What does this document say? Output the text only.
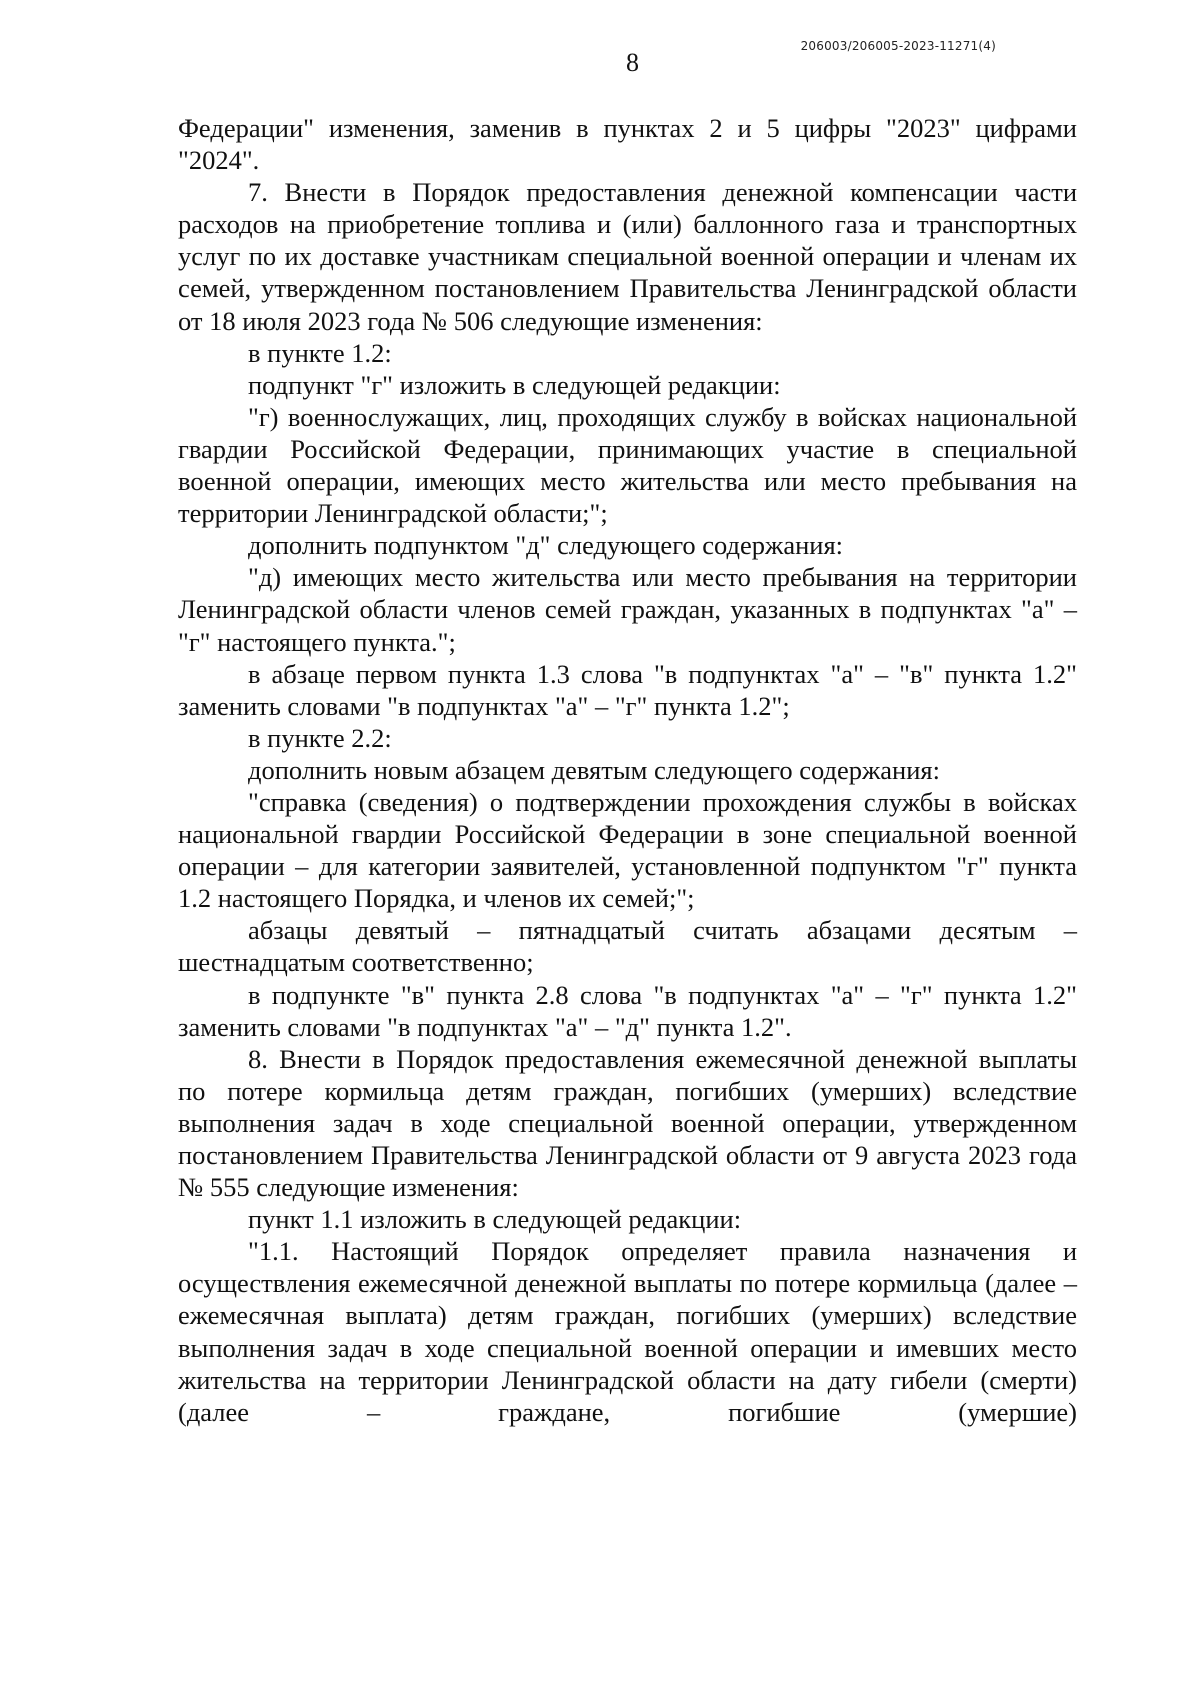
206003/206005-2023-11271(4)
8

Федерации" изменения, заменив в пунктах 2 и 5 цифры "2023" цифрами "2024".

7. Внести в Порядок предоставления денежной компенсации части расходов на приобретение топлива и (или) баллонного газа и транспортных услуг по их доставке участникам специальной военной операции и членам их семей, утвержденном постановлением Правительства Ленинградской области от 18 июля 2023 года № 506 следующие изменения:

в пункте 1.2:

подпункт "г" изложить в следующей редакции:

"г) военнослужащих, лиц, проходящих службу в войсках национальной гвардии Российской Федерации, принимающих участие в специальной военной операции, имеющих место жительства или место пребывания на территории Ленинградской области;";

дополнить подпунктом "д" следующего содержания:

"д) имеющих место жительства или место пребывания на территории Ленинградской области членов семей граждан, указанных в подпунктах "а" – "г" настоящего пункта.";

в абзаце первом пункта 1.3 слова "в подпунктах "а" – "в" пункта 1.2" заменить словами "в подпунктах "а" – "г" пункта 1.2";

в пункте 2.2:

дополнить новым абзацем девятым следующего содержания:

"справка (сведения) о подтверждении прохождения службы в войсках национальной гвардии Российской Федерации в зоне специальной военной операции – для категории заявителей, установленной подпунктом "г" пункта 1.2 настоящего Порядка, и членов их семей;";

абзацы девятый – пятнадцатый считать абзацами десятым – шестнадцатым соответственно;

в подпункте "в" пункта 2.8 слова "в подпунктах "а" – "г" пункта 1.2" заменить словами "в подпунктах "а" – "д" пункта 1.2".

8. Внести в Порядок предоставления ежемесячной денежной выплаты по потере кормильца детям граждан, погибших (умерших) вследствие выполнения задач в ходе специальной военной операции, утвержденном постановлением Правительства Ленинградской области от 9 августа 2023 года № 555 следующие изменения:

пункт 1.1 изложить в следующей редакции:

"1.1. Настоящий Порядок определяет правила назначения и осуществления ежемесячной денежной выплаты по потере кормильца (далее – ежемесячная выплата) детям граждан, погибших (умерших) вследствие выполнения задач в ходе специальной военной операции и имевших место жительства на территории Ленинградской области на дату гибели (смерти) (далее – граждане, погибшие (умершие)
